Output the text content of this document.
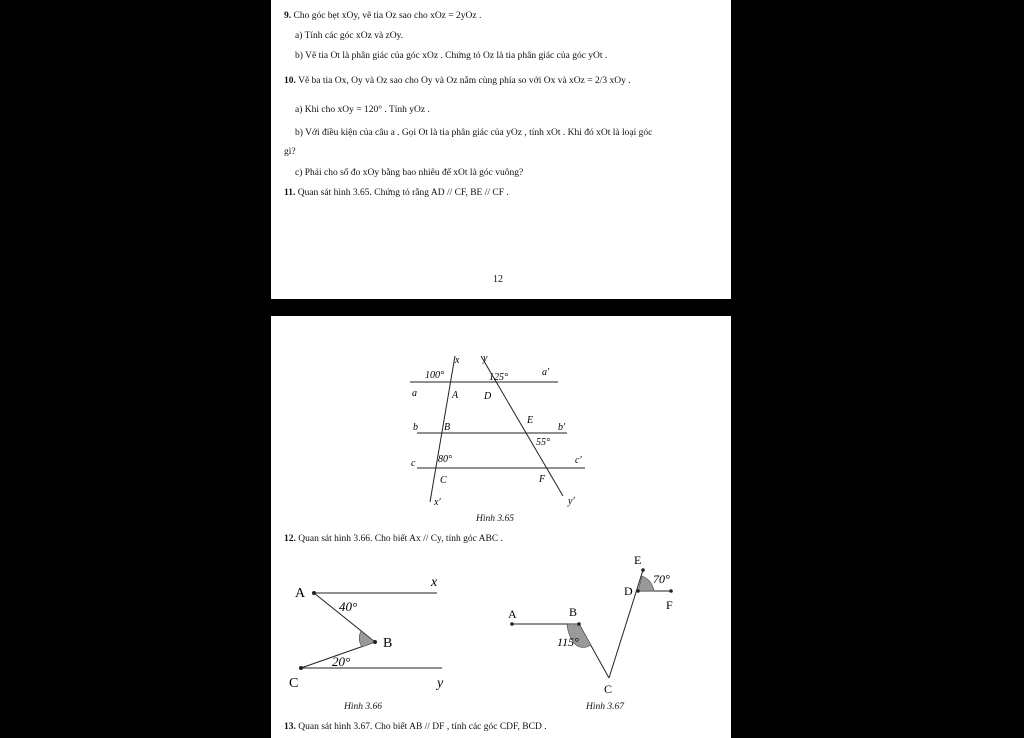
9. Cho góc bẹt xOy, vẽ tia Oz sao cho xOz = 2yOz .
a) Tính các góc xOz và zOy.
b) Vẽ tia Ot là phân giác của góc xOz . Chứng tỏ Oz là tia phân giác của góc yOt .
10. Vẽ ba tia Ox, Oy và Oz sao cho Oy và Oz nằm cùng phía so với Ox và xOz = 2/3 xOy .
a) Khi cho xOy = 120° . Tính yOz .
b) Với điều kiện của câu a . Gọi Ot là tia phân giác của yOz , tính xOt . Khi đó xOt là loại góc
gì?
c) Phải cho số đo xOy bằng bao nhiêu để xOt là góc vuông?
11. Quan sát hình 3.65. Chứng tỏ rằng AD // CF, BE // CF .
12
x y
100°	125°	a′
a	A	D
E
b	B	b′
55°
80°
c	c′
C	F
x′	y′
Hình 3.65
12. Quan sát hình 3.66. Cho biết Ax // Cy, tính góc ABC .
A
x
40°
B
20°
C	y
E
70°
D
F
A	B
115°
C
Hình 3.66	Hình 3.67
13. Quan sát hình 3.67. Cho biết AB // DF , tính các góc CDF, BCD .
